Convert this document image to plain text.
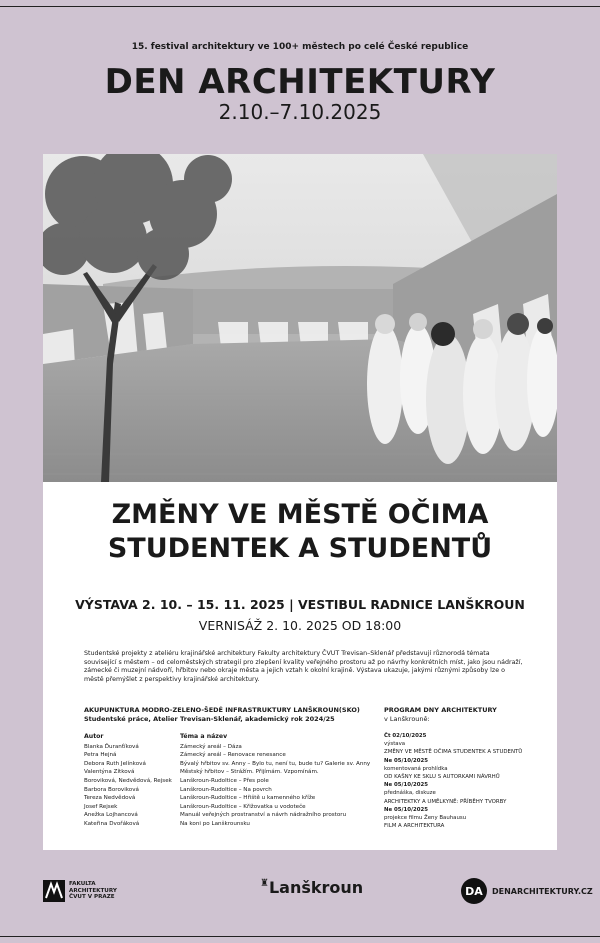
15. festival architektury ve 100+ městech po celé České republice
DEN ARCHITEKTURY
2.10.–7.10.2025
ZMĚNY VE MĚSTĚ OČIMA
STUDENTEK A STUDENTŮ
VÝSTAVA 2. 10. – 15. 11. 2025 | VESTIBUL RADNICE LANŠKROUN
VERNISÁŽ 2. 10. 2025 OD 18:00
Studentské projekty z ateliéru krajinářské architektury Fakulty architektury ČVUT Trevisan–Sklenář představují různorodá témata související s městem – od celoměstských strategií pro zlepšení kvality veřejného prostoru až po návrhy konkrétních míst, jako jsou nádraží, zámecké či muzejní nádvoří, hřbitov nebo okraje města a jejich vztah k okolní krajině. Výstava ukazuje, jakými různými způsoby lze o městě přemýšlet z perspektivy krajinářské architektury.
AKUPUNKTURA MODRO-ZELENO-ŠEDÉ INFRASTRUKTURY LANŠKROUN(SKO)
Studentské práce, Atelier Trevisan-Sklenář, akademický rok 2024/25
Autor
Blanka Ďuranťíková
Petra Hejná
Debora Ruth Jelínková
Valentýna Zítková
Boroviková, Nedvědová, Rejsek
Barbora Boroviková
Tereza Nedvědová
Josef Rejsek
Anežka Lojhancová
Kateřina Dvořáková
Téma a název
Zámecký areál – Dáza
Zámecký areál – Renovace renesance
Bývalý hřbitov sv. Anny – Bylo tu, není tu, bude tu? Galerie sv. Anny
Městský hřbitov – Strážím. Přijímám. Vzpomínám.
Lanškroun-Rudoltice – Přes pole
Lanškroun-Rudoltice – Na povrch
Lanškroun-Rudoltice – Hřiště u kamenného kříže
Lanškroun-Rudoltice – Křižovatka u vodoteče
Manuál veřejných prostranství a návrh nádražního prostoru
Na koni po Lanškrounsku
PROGRAM DNY ARCHITEKTURY
v Lanškrouně:
Čt 02/10/2025
výstava
ZMĚNY VE MĚSTĚ OČIMA STUDENTEK A STUDENTŮ
Ne 05/10/2025
komentovaná prohlídka
OD KAŠNY KE SKLU S AUTORKAMI NÁVRHŮ
Ne 05/10/2025
přednáška, diskuze
ARCHITEKTKY A UMĚLKYNĚ: PŘÍBĚHY TVORBY
Ne 05/10/2025
projekce filmu Ženy Bauhausu
FILM A ARCHITEKTURA
FAKULTA
ARCHITEKTURY
ČVUT V PRAZE
♜Lanškroun	DA	DENARCHITEKTURY.CZ
